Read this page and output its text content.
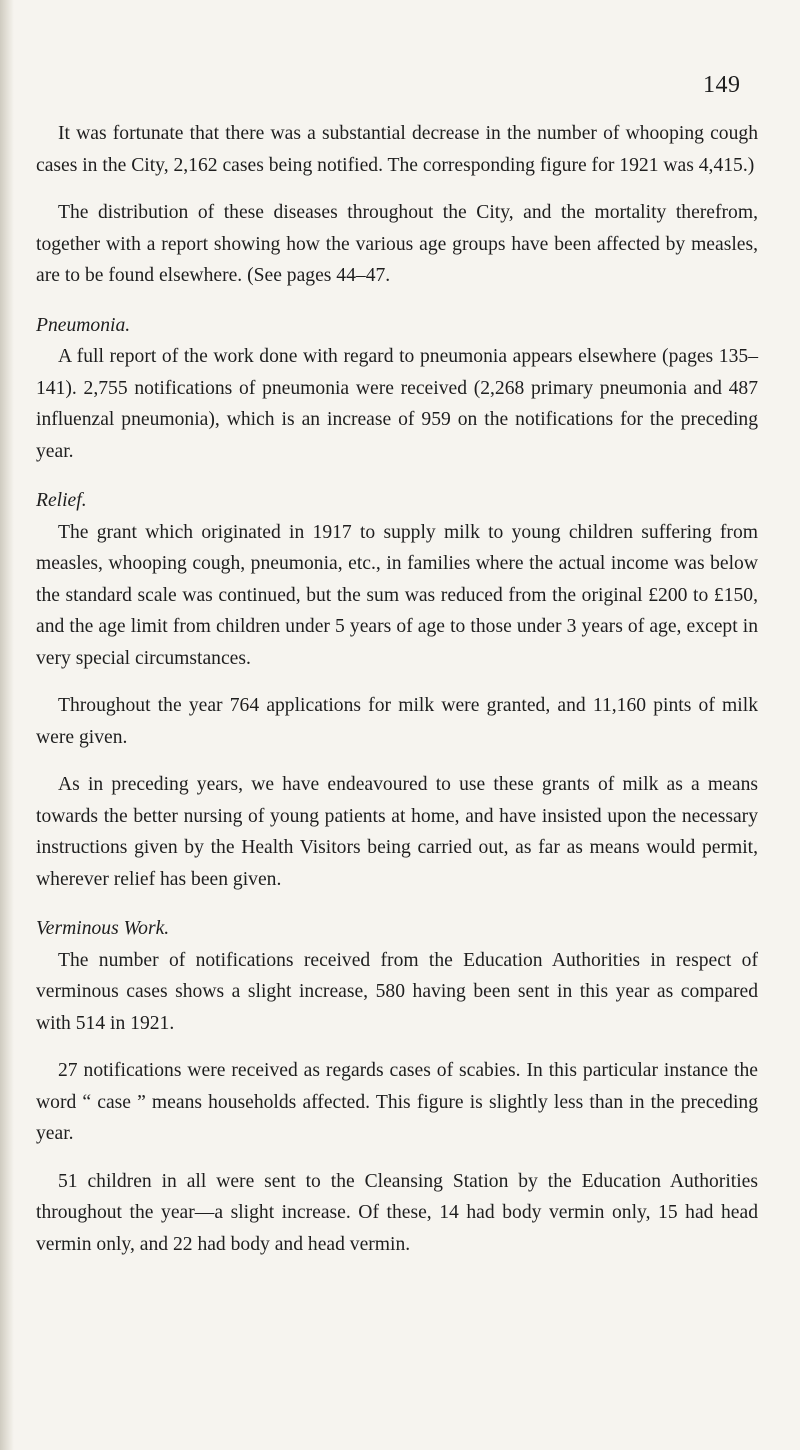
149

It was fortunate that there was a substantial decrease in the number of whooping cough cases in the City, 2,162 cases being notified. The corresponding figure for 1921 was 4,415.)

The distribution of these diseases throughout the City, and the mortality therefrom, together with a report showing how the various age groups have been affected by measles, are to be found elsewhere. (See pages 44–47.

Pneumonia.

A full report of the work done with regard to pneumonia appears elsewhere (pages 135–141). 2,755 notifications of pneumonia were received (2,268 primary pneumonia and 487 influenzal pneumonia), which is an increase of 959 on the notifications for the preceding year.

Relief.

The grant which originated in 1917 to supply milk to young children suffering from measles, whooping cough, pneumonia, etc., in families where the actual income was below the standard scale was continued, but the sum was reduced from the original £200 to £150, and the age limit from children under 5 years of age to those under 3 years of age, except in very special circumstances.

Throughout the year 764 applications for milk were granted, and 11,160 pints of milk were given.

As in preceding years, we have endeavoured to use these grants of milk as a means towards the better nursing of young patients at home, and have insisted upon the necessary instructions given by the Health Visitors being carried out, as far as means would permit, wherever relief has been given.

Verminous Work.

The number of notifications received from the Education Authorities in respect of verminous cases shows a slight increase, 580 having been sent in this year as compared with 514 in 1921.

27 notifications were received as regards cases of scabies. In this particular instance the word “ case ” means households affected. This figure is slightly less than in the preceding year.

51 children in all were sent to the Cleansing Station by the Education Authorities throughout the year—a slight increase. Of these, 14 had body vermin only, 15 had head vermin only, and 22 had body and head vermin.
